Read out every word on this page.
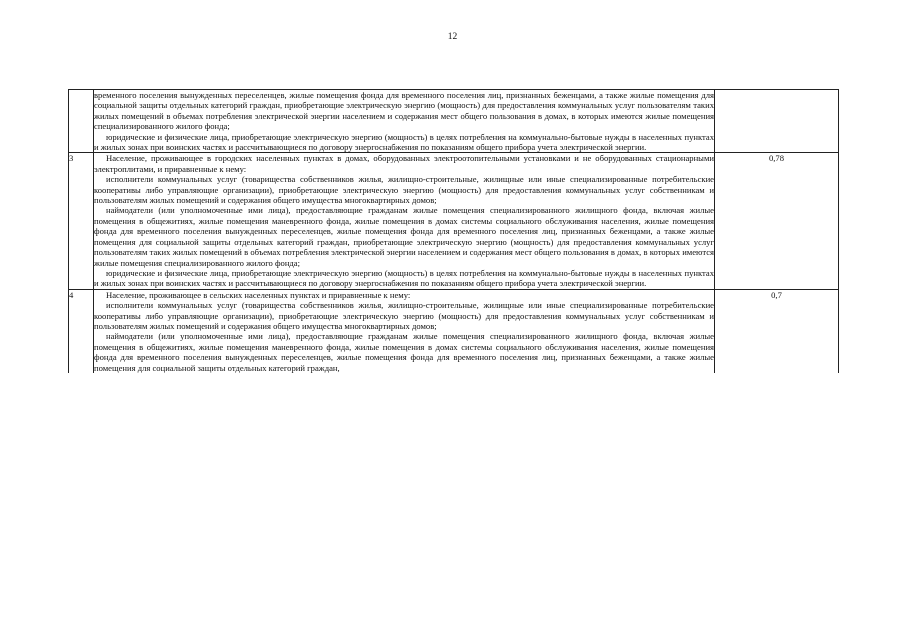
12

	временного поселения вынужденных переселенцев, жилые помещения фонда для временного поселения лиц, признанных беженцами, а также жилые помещения для социальной защиты отдельных категорий граждан, приобретающие электрическую энергию (мощность) для предоставления коммунальных услуг пользователям таких жилых помещений в объемах потребления электрической энергии населением и содержания мест общего пользования в домах, в которых имеются жилые помещения специализированного жилого фонда;

юридические и физические лица, приобретающие электрическую энергию (мощность) в целях потребления на коммунально-бытовые нужды в населенных пунктах и жилых зонах при воинских частях и рассчитывающиеся по договору энергоснабжения по показаниям общего прибора учета электрической энергии.	

3	Население, проживающее в городских населенных пунктах в домах, оборудованных электроотопительными установками и не оборудованных стационарными электроплитами, и приравненные к нему:

исполнители коммунальных услуг (товарищества собственников жилья, жилищно-строительные, жилищные или иные специализированные потребительские кооперативы либо управляющие организации), приобретающие электрическую энергию (мощность) для предоставления коммунальных услуг собственникам и пользователям жилых помещений и содержания общего имущества многоквартирных домов;

наймодатели (или уполномоченные ими лица), предоставляющие гражданам жилые помещения специализированного жилищного фонда, включая жилые помещения в общежитиях, жилые помещения маневренного фонда, жилые помещения в домах системы социального обслуживания населения, жилые помещения фонда для временного поселения вынужденных переселенцев, жилые помещения фонда для временного поселения лиц, признанных беженцами, а также жилые помещения для социальной защиты отдельных категорий граждан, приобретающие электрическую энергию (мощность) для предоставления коммунальных услуг пользователям таких жилых помещений в объемах потребления электрической энергии населением и содержания мест общего пользования в домах, в которых имеются жилые помещения специализированного жилого фонда;

юридические и физические лица, приобретающие электрическую энергию (мощность) в целях потребления на коммунально-бытовые нужды в населенных пунктах и жилых зонах при воинских частях и рассчитывающиеся по договору энергоснабжения по показаниям общего прибора учета электрической энергии.	0,78
4	Население, проживающее в сельских населенных пунктах и приравненные к нему:

исполнители коммунальных услуг (товарищества собственников жилья, жилищно-строительные, жилищные или иные специализированные потребительские кооперативы либо управляющие организации), приобретающие электрическую энергию (мощность) для предоставления коммунальных услуг собственникам и пользователям жилых помещений и содержания общего имущества многоквартирных домов;

наймодатели (или уполномоченные ими лица), предоставляющие гражданам жилые помещения специализированного жилищного фонда, включая жилые помещения в общежитиях, жилые помещения маневренного фонда, жилые помещения в домах системы социального обслуживания населения, жилые помещения фонда для временного поселения вынужденных переселенцев, жилые помещения фонда для временного поселения лиц, признанных беженцами, а также жилые помещения для социальной защиты отдельных категорий граждан,	0,7
